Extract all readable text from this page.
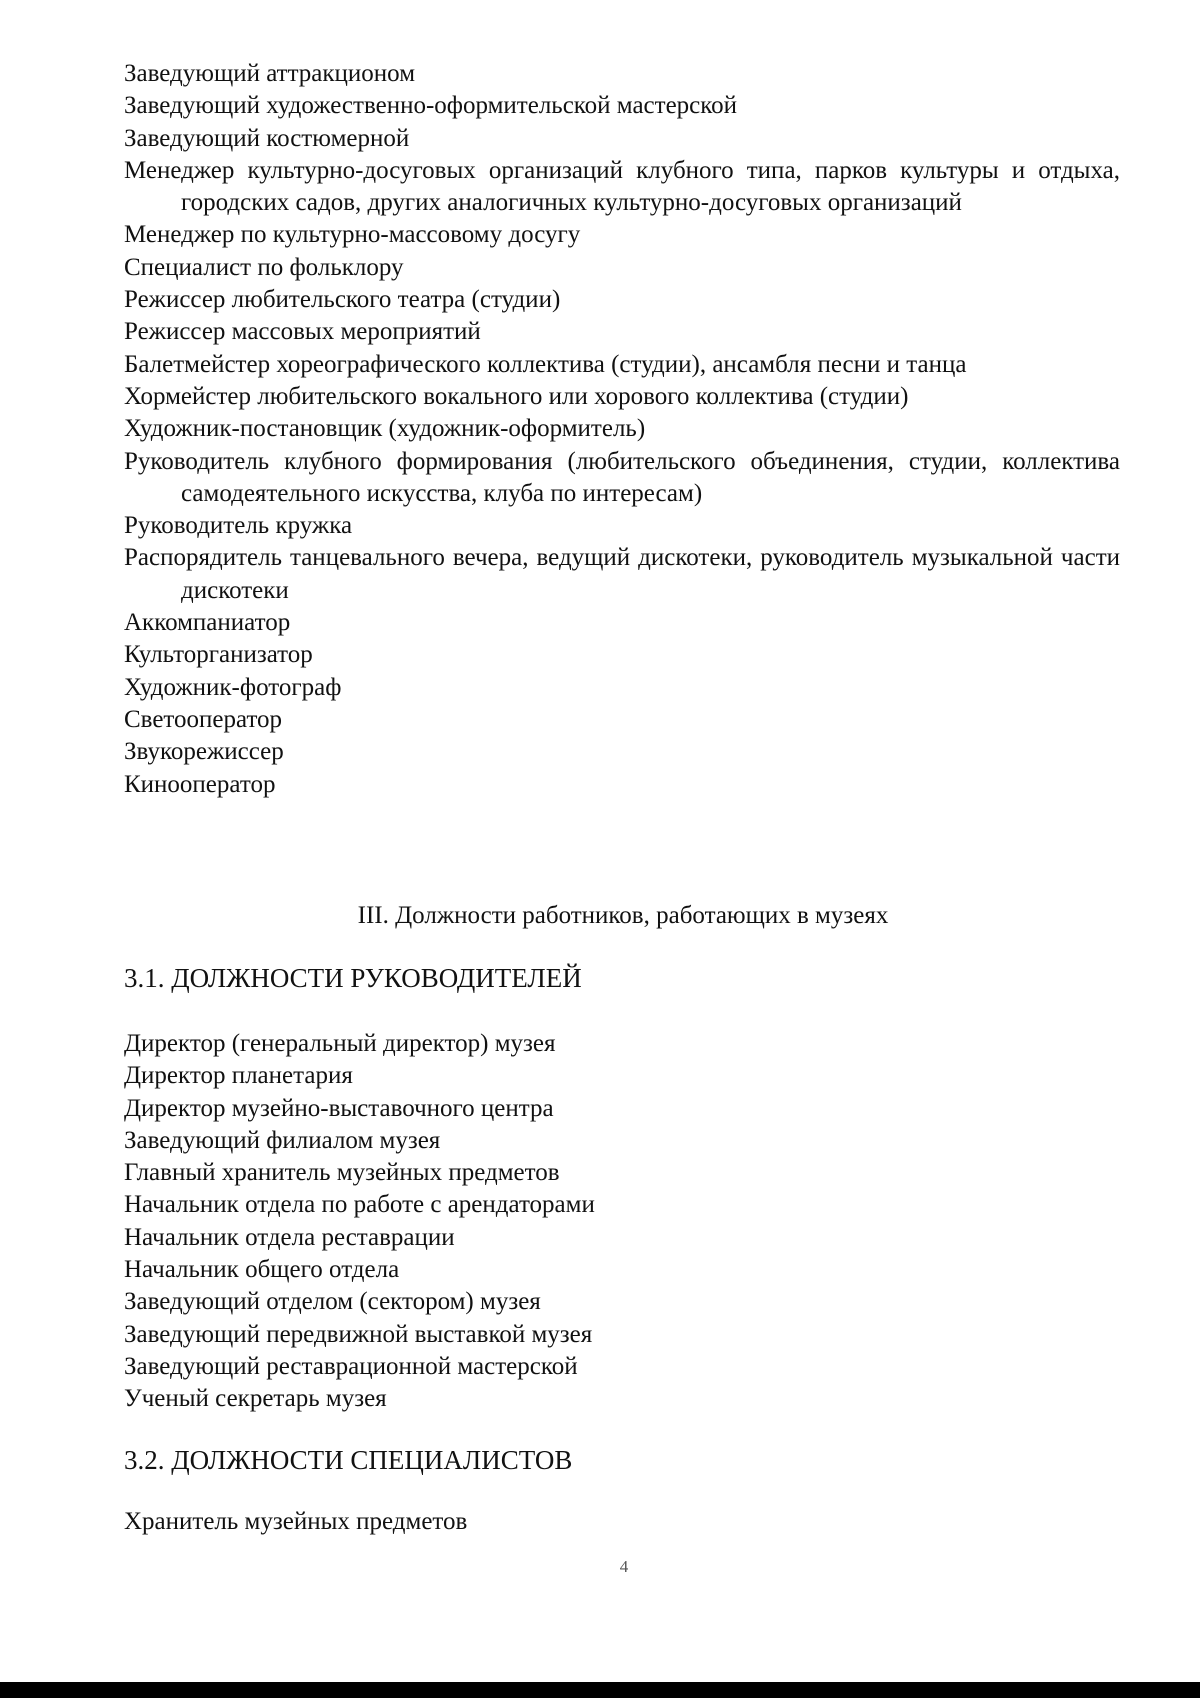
Заведующий аттракционом

Заведующий художественно-оформительской мастерской

Заведующий костюмерной

Менеджер культурно-досуговых организаций клубного типа, парков культуры и отдыха, городских садов, других аналогичных культурно-досуговых организаций

Менеджер по культурно-массовому досугу

Специалист по фольклору

Режиссер любительского театра (студии)

Режиссер массовых мероприятий

Балетмейстер хореографического коллектива (студии), ансамбля песни и танца

Хормейстер любительского вокального или хорового коллектива (студии)

Художник-постановщик (художник-оформитель)

Руководитель клубного формирования (любительского объединения, студии, коллектива самодеятельного искусства, клуба по интересам)

Руководитель кружка

Распорядитель танцевального вечера, ведущий дискотеки, руководитель музыкальной части дискотеки

Аккомпаниатор

Культорганизатор

Художник-фотограф

Светооператор

Звукорежиссер

Кинооператор

III. Должности работников, работающих в музеях
3.1. ДОЛЖНОСТИ РУКОВОДИТЕЛЕЙ

Директор (генеральный директор) музея

Директор планетария

Директор музейно-выставочного центра

Заведующий филиалом музея

Главный хранитель музейных предметов

Начальник отдела по работе с арендаторами

Начальник отдела реставрации

Начальник общего отдела

Заведующий отделом (сектором) музея

Заведующий передвижной выставкой музея

Заведующий реставрационной мастерской

Ученый секретарь музея

3.2. ДОЛЖНОСТИ СПЕЦИАЛИСТОВ

Хранитель музейных предметов

4
